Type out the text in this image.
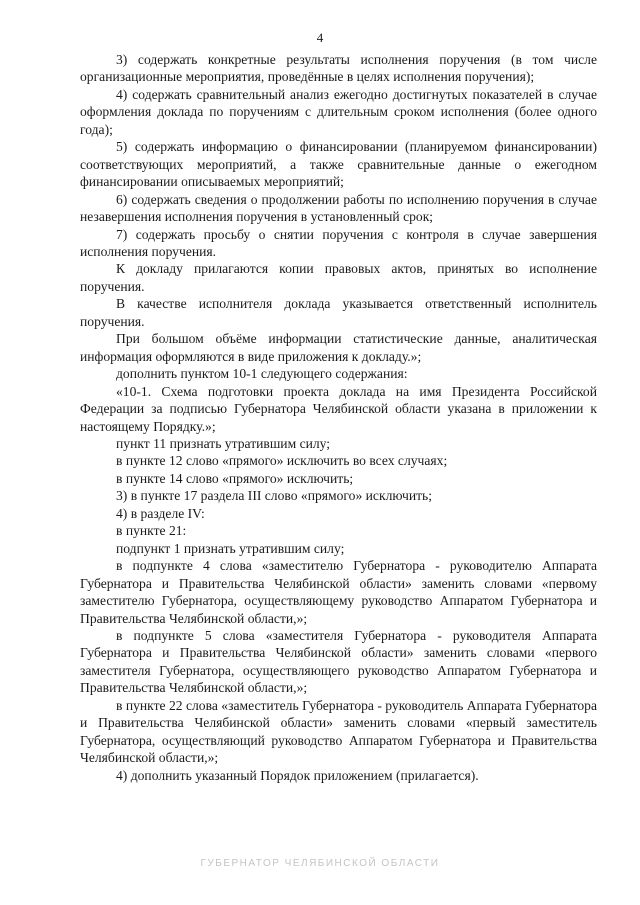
4

3) содержать конкретные результаты исполнения поручения (в том числе организационные мероприятия, проведённые в целях исполнения поручения);

4) содержать сравнительный анализ ежегодно достигнутых показателей в случае оформления доклада по поручениям с длительным сроком исполнения (более одного года);

5) содержать информацию о финансировании (планируемом финансировании) соответствующих мероприятий, а также сравнительные данные о ежегодном финансировании описываемых мероприятий;

6) содержать сведения о продолжении работы по исполнению поручения в случае незавершения исполнения поручения в установленный срок;

7) содержать просьбу о снятии поручения с контроля в случае завершения исполнения поручения.

К докладу прилагаются копии правовых актов, принятых во исполнение поручения.

В качестве исполнителя доклада указывается ответственный исполнитель поручения.

При большом объёме информации статистические данные, аналитическая информация оформляются в виде приложения к докладу.»;

дополнить пунктом 10-1 следующего содержания:

«10-1. Схема подготовки проекта доклада на имя Президента Российской Федерации за подписью Губернатора Челябинской области указана в приложении к настоящему Порядку.»;

пункт 11 признать утратившим силу;

в пункте 12 слово «прямого» исключить во всех случаях;

в пункте 14 слово «прямого» исключить;

3) в пункте 17 раздела III слово «прямого» исключить;

4) в разделе IV:

в пункте 21:

подпункт 1 признать утратившим силу;

в подпункте 4 слова «заместителю Губернатора - руководителю Аппарата Губернатора и Правительства Челябинской области» заменить словами «первому заместителю Губернатора, осуществляющему руководство Аппаратом Губернатора и Правительства Челябинской области,»;

в подпункте 5 слова «заместителя Губернатора - руководителя Аппарата Губернатора и Правительства Челябинской области» заменить словами «первого заместителя Губернатора, осуществляющего руководство Аппаратом Губернатора и Правительства Челябинской области,»;

в пункте 22 слова «заместитель Губернатора - руководитель Аппарата Губернатора и Правительства Челябинской области» заменить словами «первый заместитель Губернатора, осуществляющий руководство Аппаратом Губернатора и Правительства Челябинской области,»;

4) дополнить указанный Порядок приложением (прилагается).

ГУБЕРНАТОР ЧЕЛЯБИНСКОЙ ОБЛАСТИ
